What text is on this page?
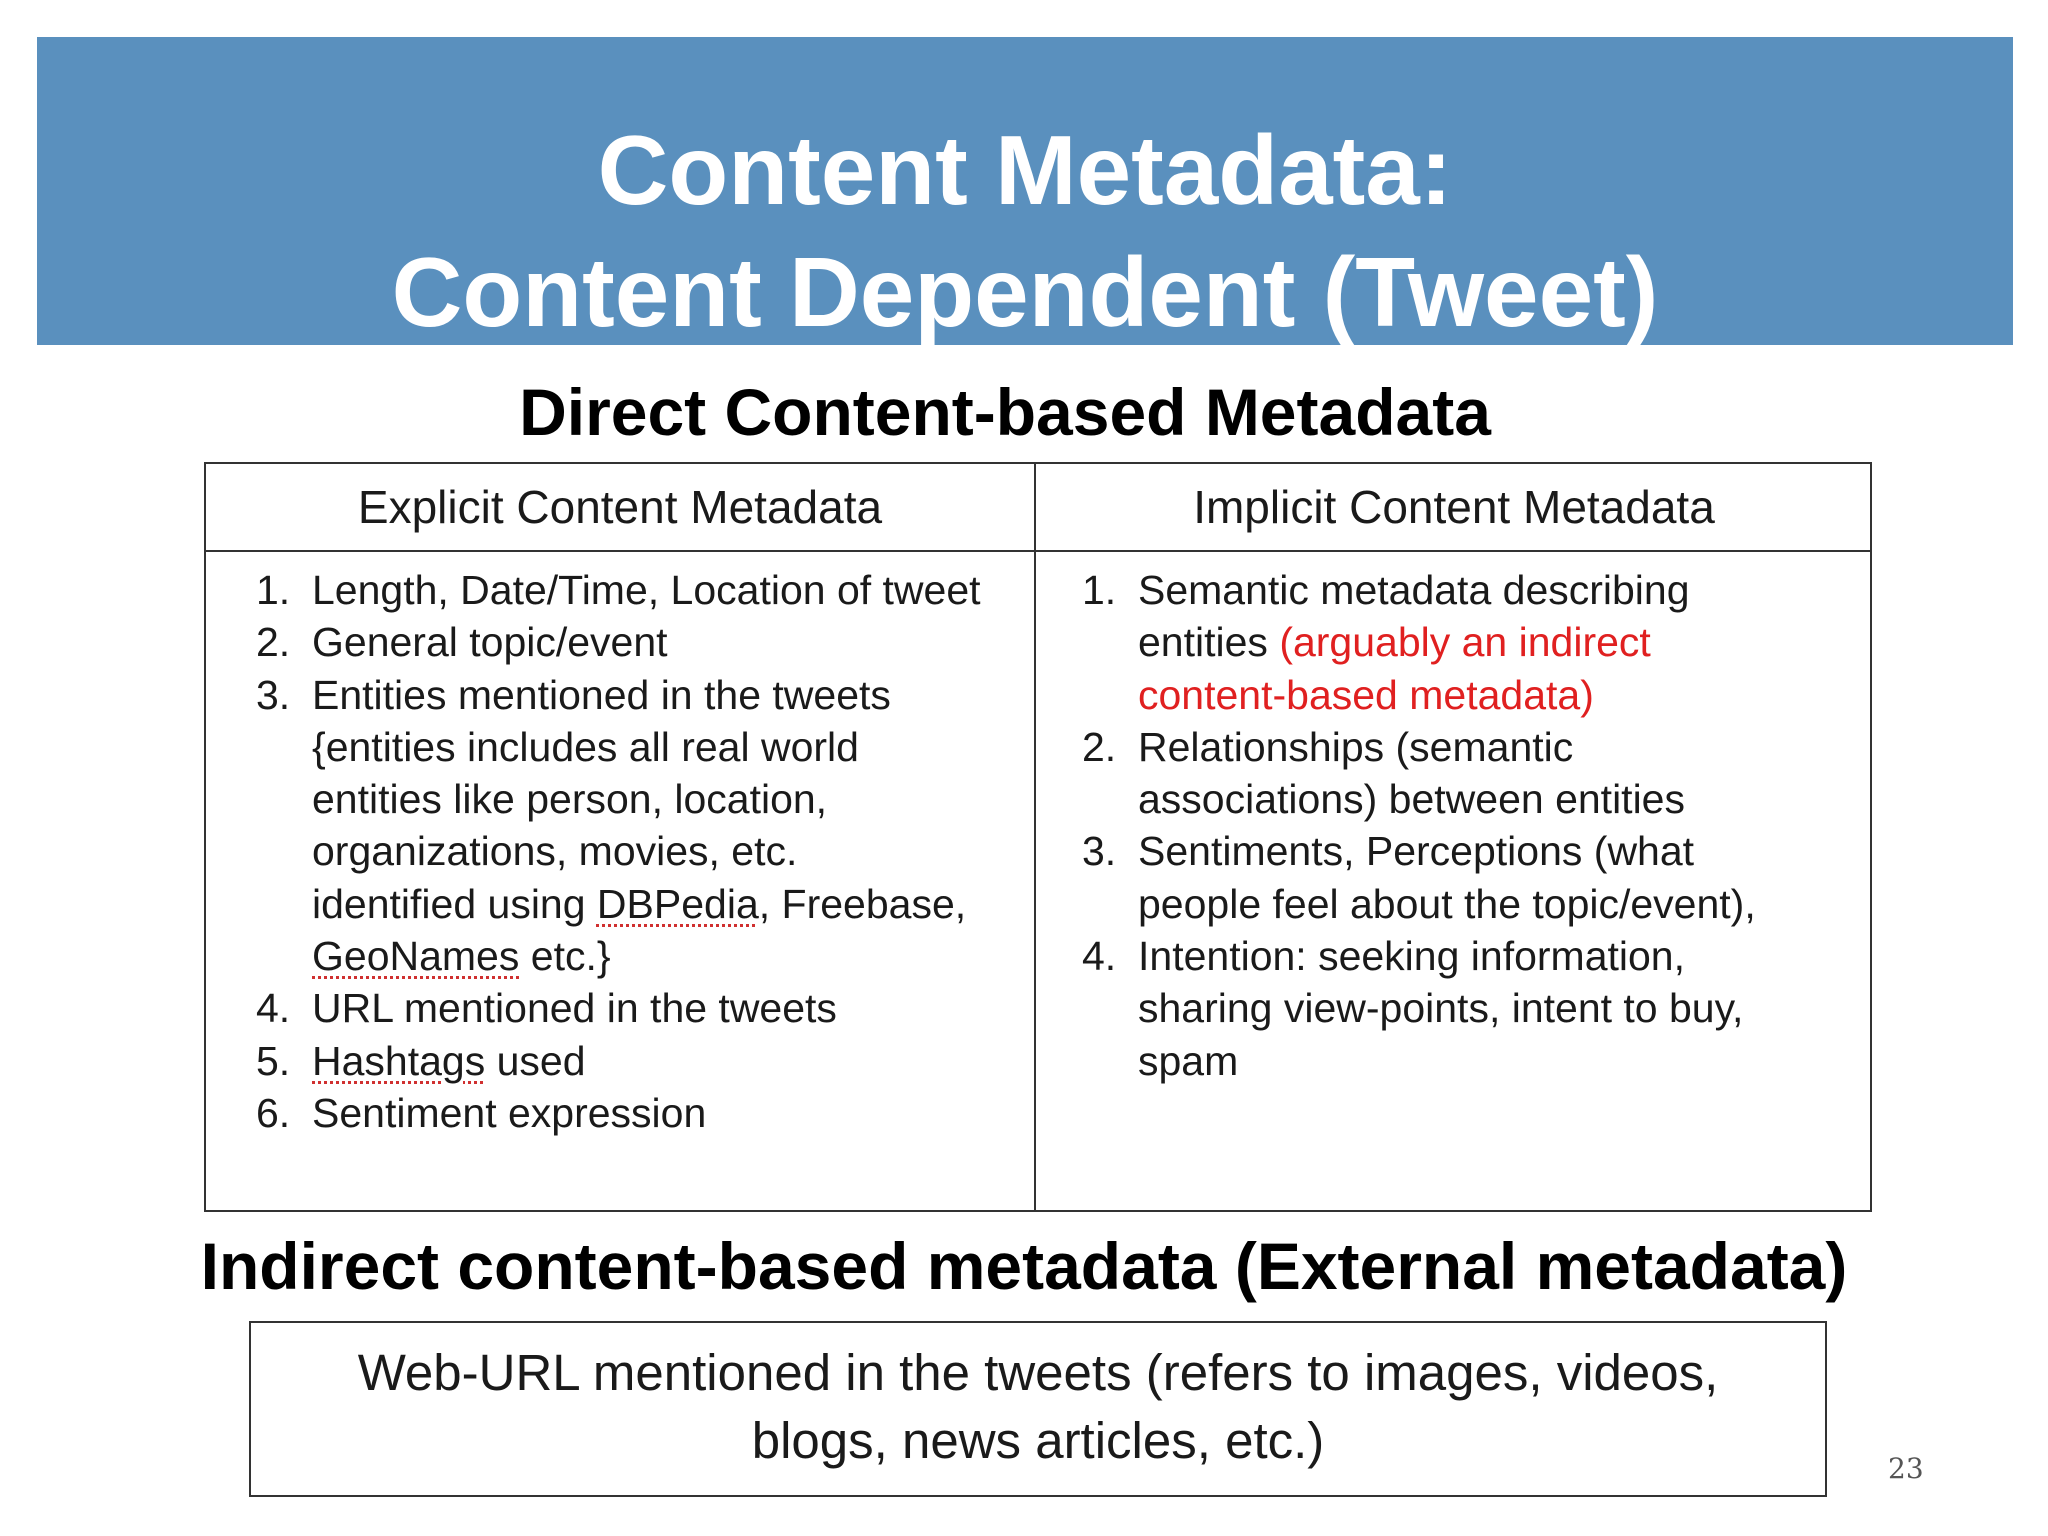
Content Metadata:
Content Dependent (Tweet)
Direct Content-based Metadata
Explicit Content Metadata	Implicit Content Metadata
1. Length, Date/Time, Location of tweet
2. General topic/event
3. Entities mentioned in the tweets
{entities includes all real world
entities like person, location,
organizations, movies, etc.
identified using DBPedia, Freebase,
GeoNames etc.}
4. URL mentioned in the tweets
5. Hashtags used
6. Sentiment expression
1. Semantic metadata describing
entities (arguably an indirect
content-based metadata)
2. Relationships (semantic
associations) between entities
3. Sentiments, Perceptions (what
people feel about the topic/event),
4. Intention: seeking information,
sharing view-points, intent to buy,
spam
Indirect content-based metadata (External metadata)
Web-URL mentioned in the tweets (refers to images, videos,
blogs, news articles, etc.)	23
